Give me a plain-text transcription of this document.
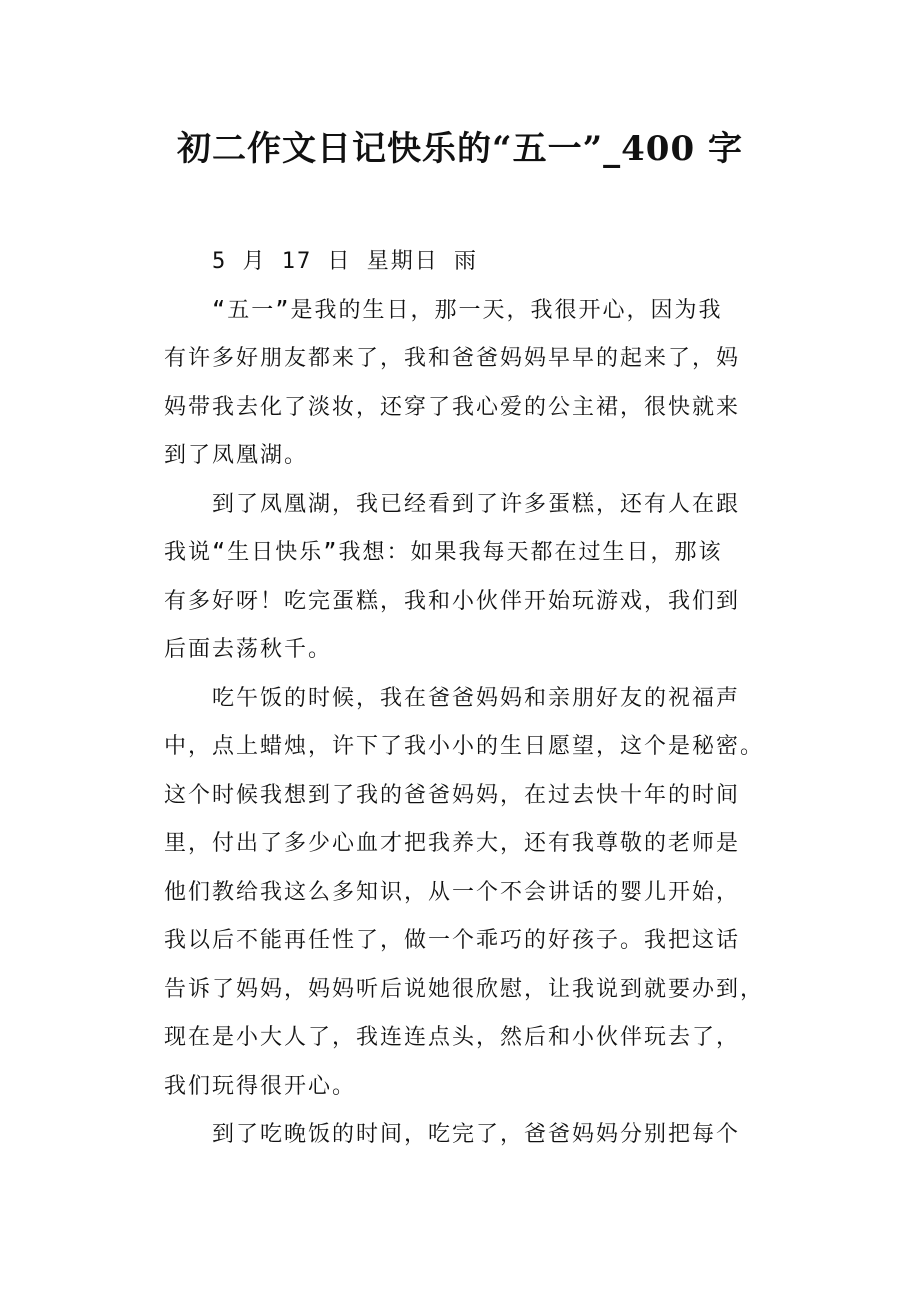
初二作文日记快乐的“五一”_400 字
5 月 17 日 星期日 雨
“五一”是我的生日，那一天，我很开心，因为我
有许多好朋友都来了，我和爸爸妈妈早早的起来了，妈
妈带我去化了淡妆，还穿了我心爱的公主裙，很快就来
到了凤凰湖。
到了凤凰湖，我已经看到了许多蛋糕，还有人在跟
我说“生日快乐”我想：如果我每天都在过生日，那该
有多好呀！吃完蛋糕，我和小伙伴开始玩游戏，我们到
后面去荡秋千。
吃午饭的时候，我在爸爸妈妈和亲朋好友的祝福声
中，点上蜡烛，许下了我小小的生日愿望，这个是秘密。
这个时候我想到了我的爸爸妈妈，在过去快十年的时间
里，付出了多少心血才把我养大，还有我尊敬的老师是
他们教给我这么多知识，从一个不会讲话的婴儿开始，
我以后不能再任性了，做一个乖巧的好孩子。我把这话
告诉了妈妈，妈妈听后说她很欣慰，让我说到就要办到，
现在是小大人了，我连连点头，然后和小伙伴玩去了，
我们玩得很开心。
到了吃晚饭的时间，吃完了，爸爸妈妈分别把每个
